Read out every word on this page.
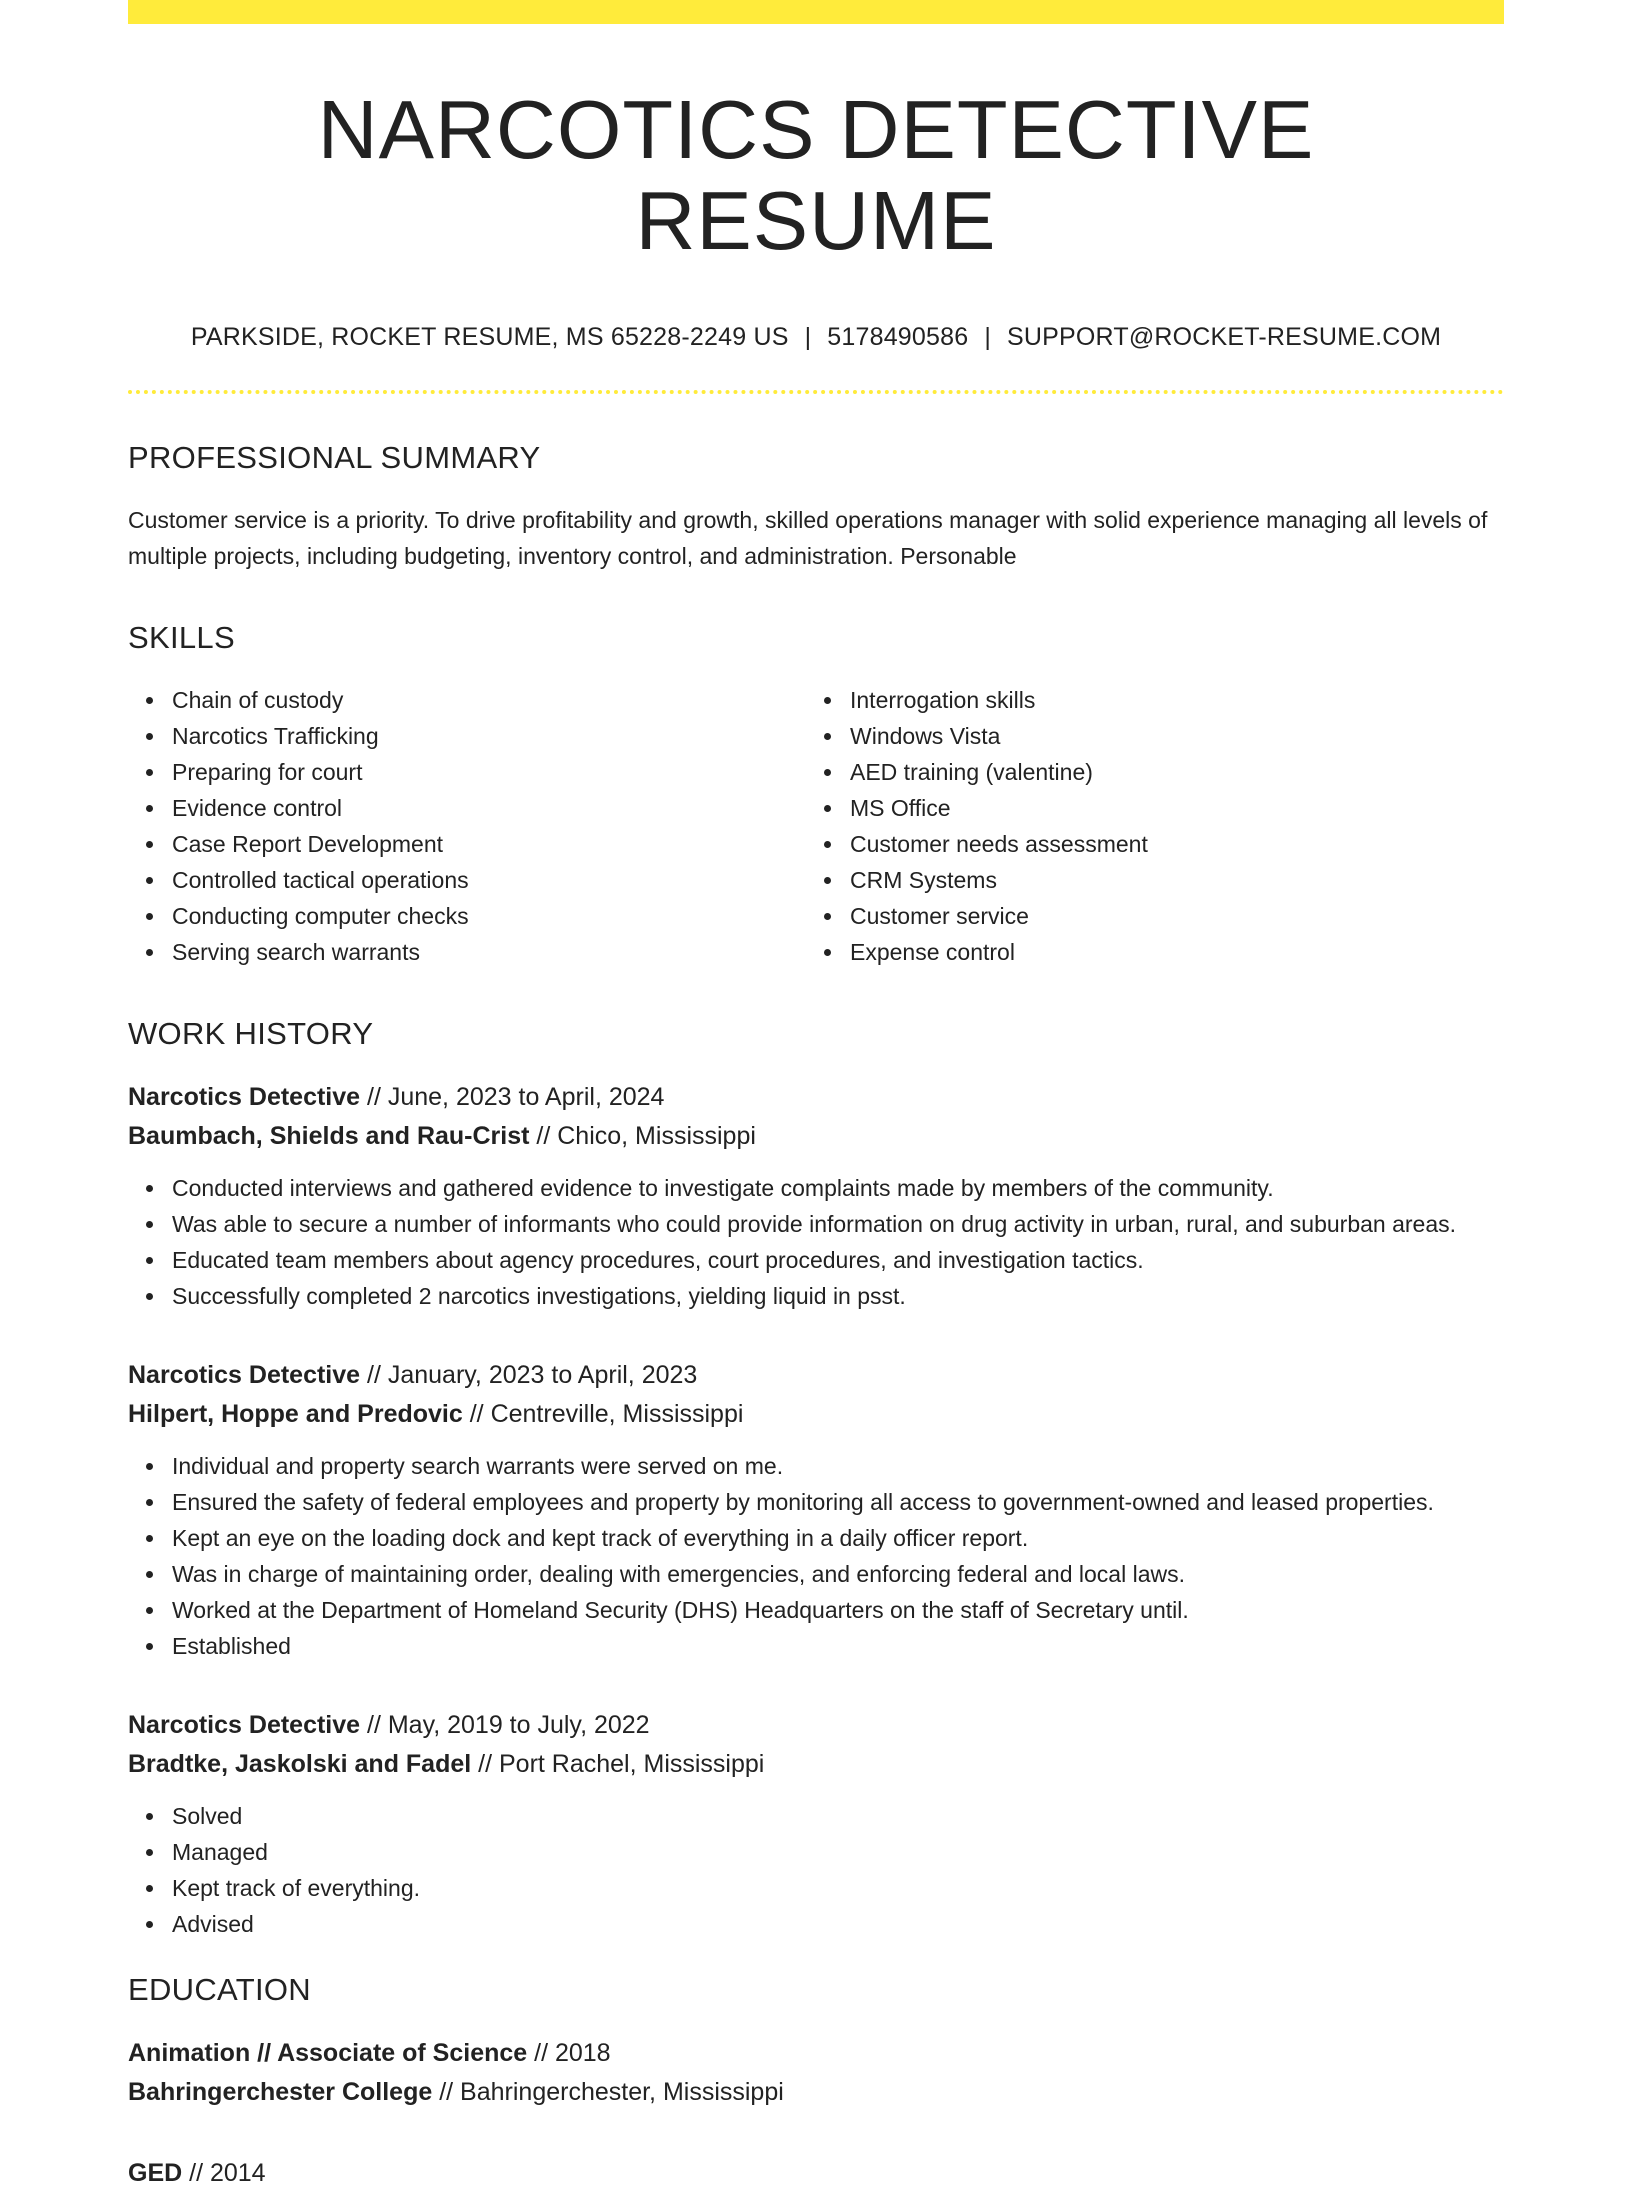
NARCOTICS DETECTIVE RESUME
PARKSIDE, ROCKET RESUME, MS 65228-2249 US | 5178490586 | SUPPORT@ROCKET-RESUME.COM
PROFESSIONAL SUMMARY

Customer service is a priority. To drive profitability and growth, skilled operations manager with solid experience managing all levels of multiple projects, including budgeting, inventory control, and administration. Personable

SKILLS
Chain of custody
Narcotics Trafficking
Preparing for court
Evidence control
Case Report Development
Controlled tactical operations
Conducting computer checks
Serving search warrants
Interrogation skills
Windows Vista
AED training (valentine)
MS Office
Customer needs assessment
CRM Systems
Customer service
Expense control
WORK HISTORY
Narcotics Detective // June, 2023 to April, 2024
Baumbach, Shields and Rau-Crist // Chico, Mississippi
Conducted interviews and gathered evidence to investigate complaints made by members of the community.
Was able to secure a number of informants who could provide information on drug activity in urban, rural, and suburban areas.
Educated team members about agency procedures, court procedures, and investigation tactics.
Successfully completed 2 narcotics investigations, yielding liquid in psst.
Narcotics Detective // January, 2023 to April, 2023
Hilpert, Hoppe and Predovic // Centreville, Mississippi
Individual and property search warrants were served on me.
Ensured the safety of federal employees and property by monitoring all access to government-owned and leased properties.
Kept an eye on the loading dock and kept track of everything in a daily officer report.
Was in charge of maintaining order, dealing with emergencies, and enforcing federal and local laws.
Worked at the Department of Homeland Security (DHS) Headquarters on the staff of Secretary until.
Established
Narcotics Detective // May, 2019 to July, 2022
Bradtke, Jaskolski and Fadel // Port Rachel, Mississippi
Solved
Managed
Kept track of everything.
Advised
EDUCATION
Animation // Associate of Science // 2018
Bahringerchester College // Bahringerchester, Mississippi
GED // 2014
